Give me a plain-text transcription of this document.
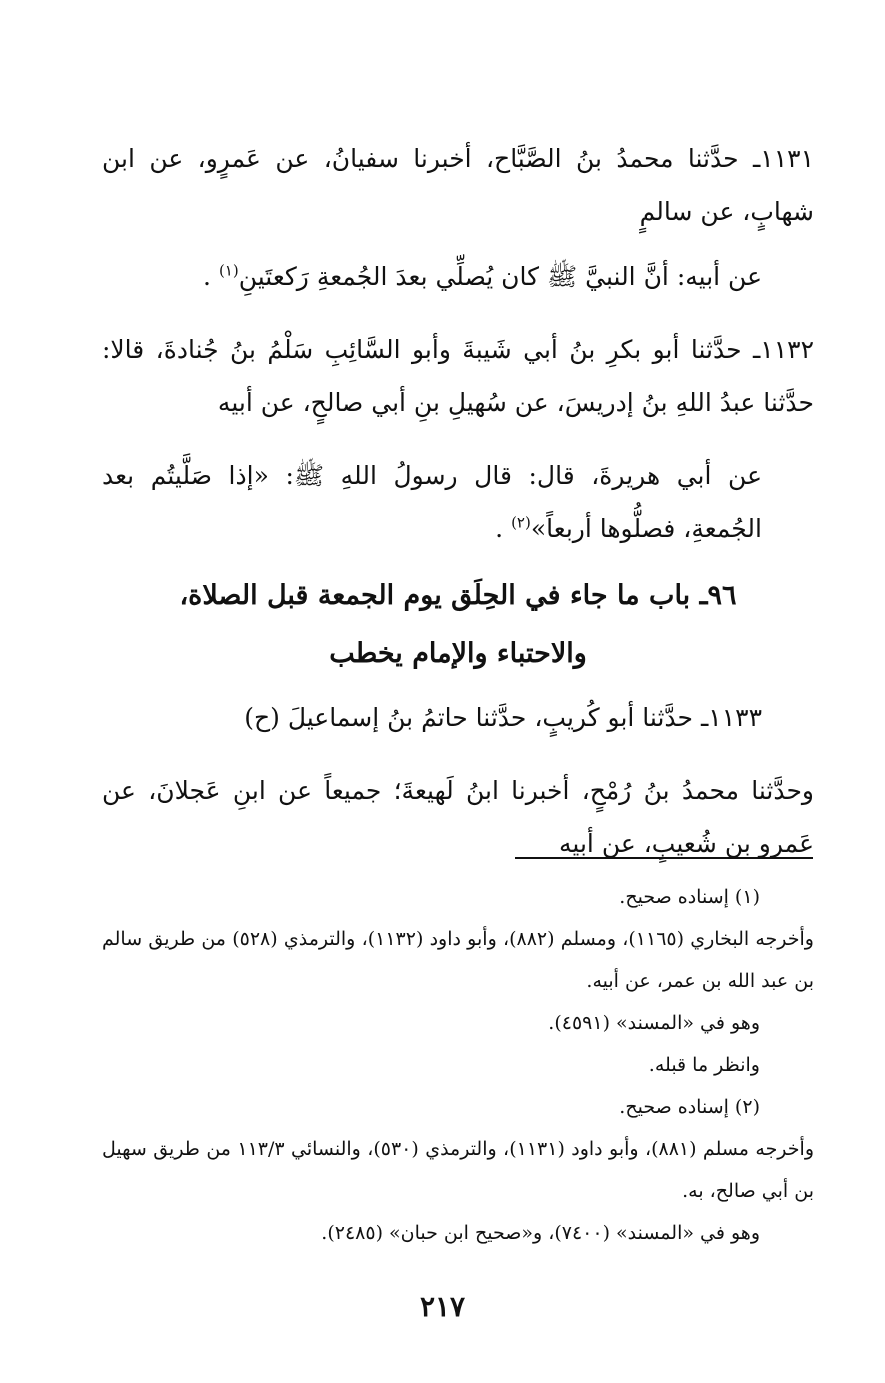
١١٣١ـ حدَّثنا محمدُ بنُ الصَّبَّاح، أخبرنا سفيانُ، عن عَمرٍو، عن ابن شهابٍ، عن سالمٍ

عن أبيه: أنَّ النبيَّ ﷺ كان يُصلِّي بعدَ الجُمعةِ رَكعتَينِ$^{(١)}$ .

١١٣٢ـ حدَّثنا أبو بكرِ بنُ أبي شَيبةَ وأبو السَّائِبِ سَلْمُ بنُ جُنادةَ، قالا: حدَّثنا عبدُ اللهِ بنُ إدريسَ، عن سُهيلِ بنِ أبي صالحٍ، عن أبيه

عن أبي هريرةَ، قال: قال رسولُ اللهِ ﷺ: «إذا صَلَّيتُم بعد الجُمعةِ، فصلُّوها أربعاً»$^{(٢)}$ .

٩٦ـ باب ما جاء في الحِلَق يوم الجمعة قبل الصلاة،
والاحتباء والإمام يخطب

١١٣٣ـ حدَّثنا أبو كُريبٍ، حدَّثنا حاتمُ بنُ إسماعيلَ (ح)

وحدَّثنا محمدُ بنُ رُمْحٍ، أخبرنا ابنُ لَهيعةَ؛ جميعاً عن ابنِ عَجلانَ، عن عَمرو بن شُعيبٍ، عن أبيه

(١) إسناده صحيح.

وأخرجه البخاري (١١٦٥)، ومسلم (٨٨٢)، وأبو داود (١١٣٢)، والترمذي (٥٢٨) من طريق سالم بن عبد الله بن عمر، عن أبيه.

وهو في «المسند» (٤٥٩١).

وانظر ما قبله.

(٢) إسناده صحيح.

وأخرجه مسلم (٨٨١)، وأبو داود (١١٣١)، والترمذي (٥٣٠)، والنسائي ١١٣/٣ من طريق سهيل بن أبي صالح، به.

وهو في «المسند» (٧٤٠٠)، و«صحيح ابن حبان» (٢٤٨٥).

٢١٧
